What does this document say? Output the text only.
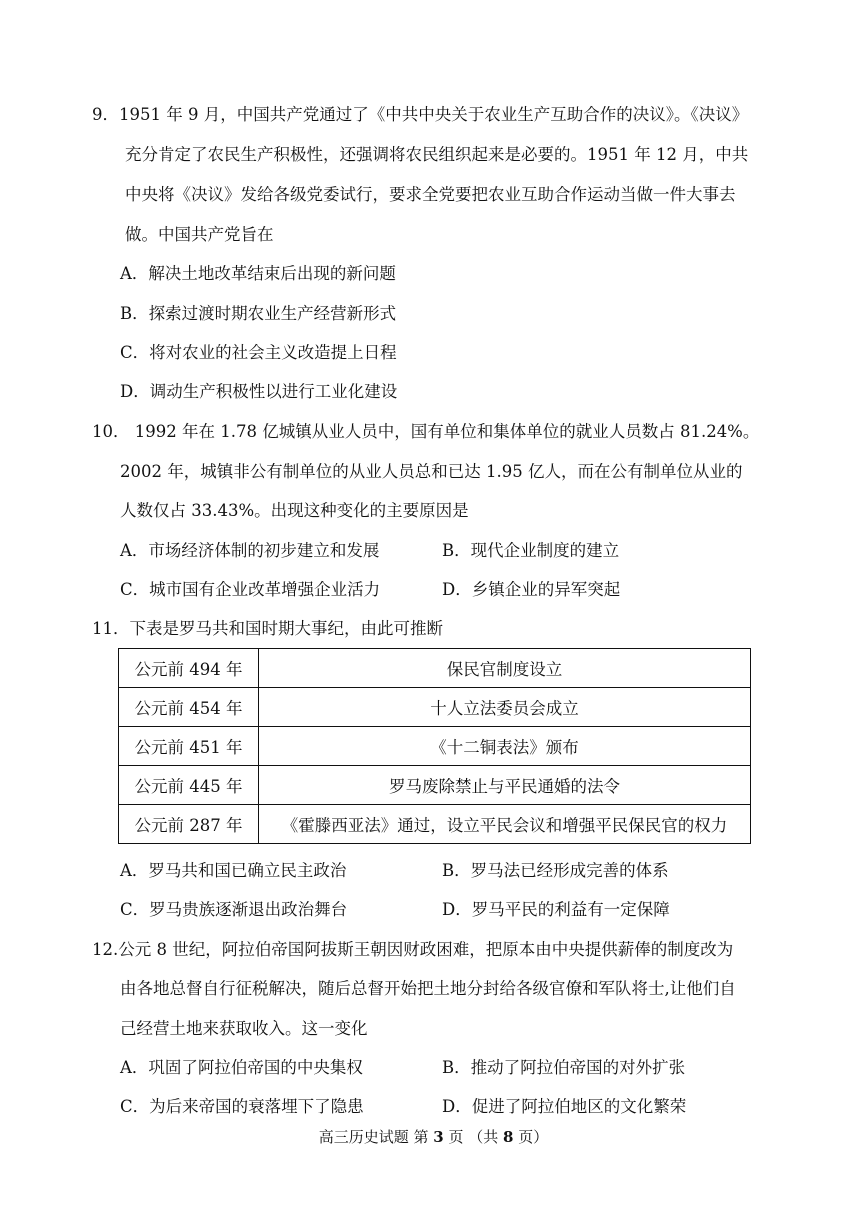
9．1951 年 9 月，中国共产党通过了《中共中央关于农业生产互助合作的决议》。《决议》
充分肯定了农民生产积极性，还强调将农民组织起来是必要的。1951 年 12 月，中共
中央将《决议》发给各级党委试行，要求全党要把农业互助合作运动当做一件大事去
做。中国共产党旨在
A．解决土地改革结束后出现的新问题
B．探索过渡时期农业生产经营新形式
C．将对农业的社会主义改造提上日程
D．调动生产积极性以进行工业化建设
10． 1992 年在 1.78 亿城镇从业人员中，国有单位和集体单位的就业人员数占 81.24%。
2002 年，城镇非公有制单位的从业人员总和已达 1.95 亿人，而在公有制单位从业的
人数仅占 33.43%。出现这种变化的主要原因是
A．市场经济体制的初步建立和发展	B．现代企业制度的建立
C．城市国有企业改革增强企业活力	D．乡镇企业的异军突起
11．下表是罗马共和国时期大事纪，由此可推断
公元前 494 年	保民官制度设立
公元前 454 年	十人立法委员会成立
公元前 451 年	《十二铜表法》颁布
公元前 445 年	罗马废除禁止与平民通婚的法令
公元前 287 年	《霍滕西亚法》通过，设立平民会议和增强平民保民官的权力
A．罗马共和国已确立民主政治	B．罗马法已经形成完善的体系
C．罗马贵族逐渐退出政治舞台	D．罗马平民的利益有一定保障
12.公元 8 世纪，阿拉伯帝国阿拔斯王朝因财政困难，把原本由中央提供薪俸的制度改为
由各地总督自行征税解决，随后总督开始把土地分封给各级官僚和军队将士,让他们自
己经营土地来获取收入。这一变化
A．巩固了阿拉伯帝国的中央集权	B．推动了阿拉伯帝国的对外扩张
C．为后来帝国的衰落埋下了隐患	D．促进了阿拉伯地区的文化繁荣
高三历史试题 第 3 页 （共 8 页）
